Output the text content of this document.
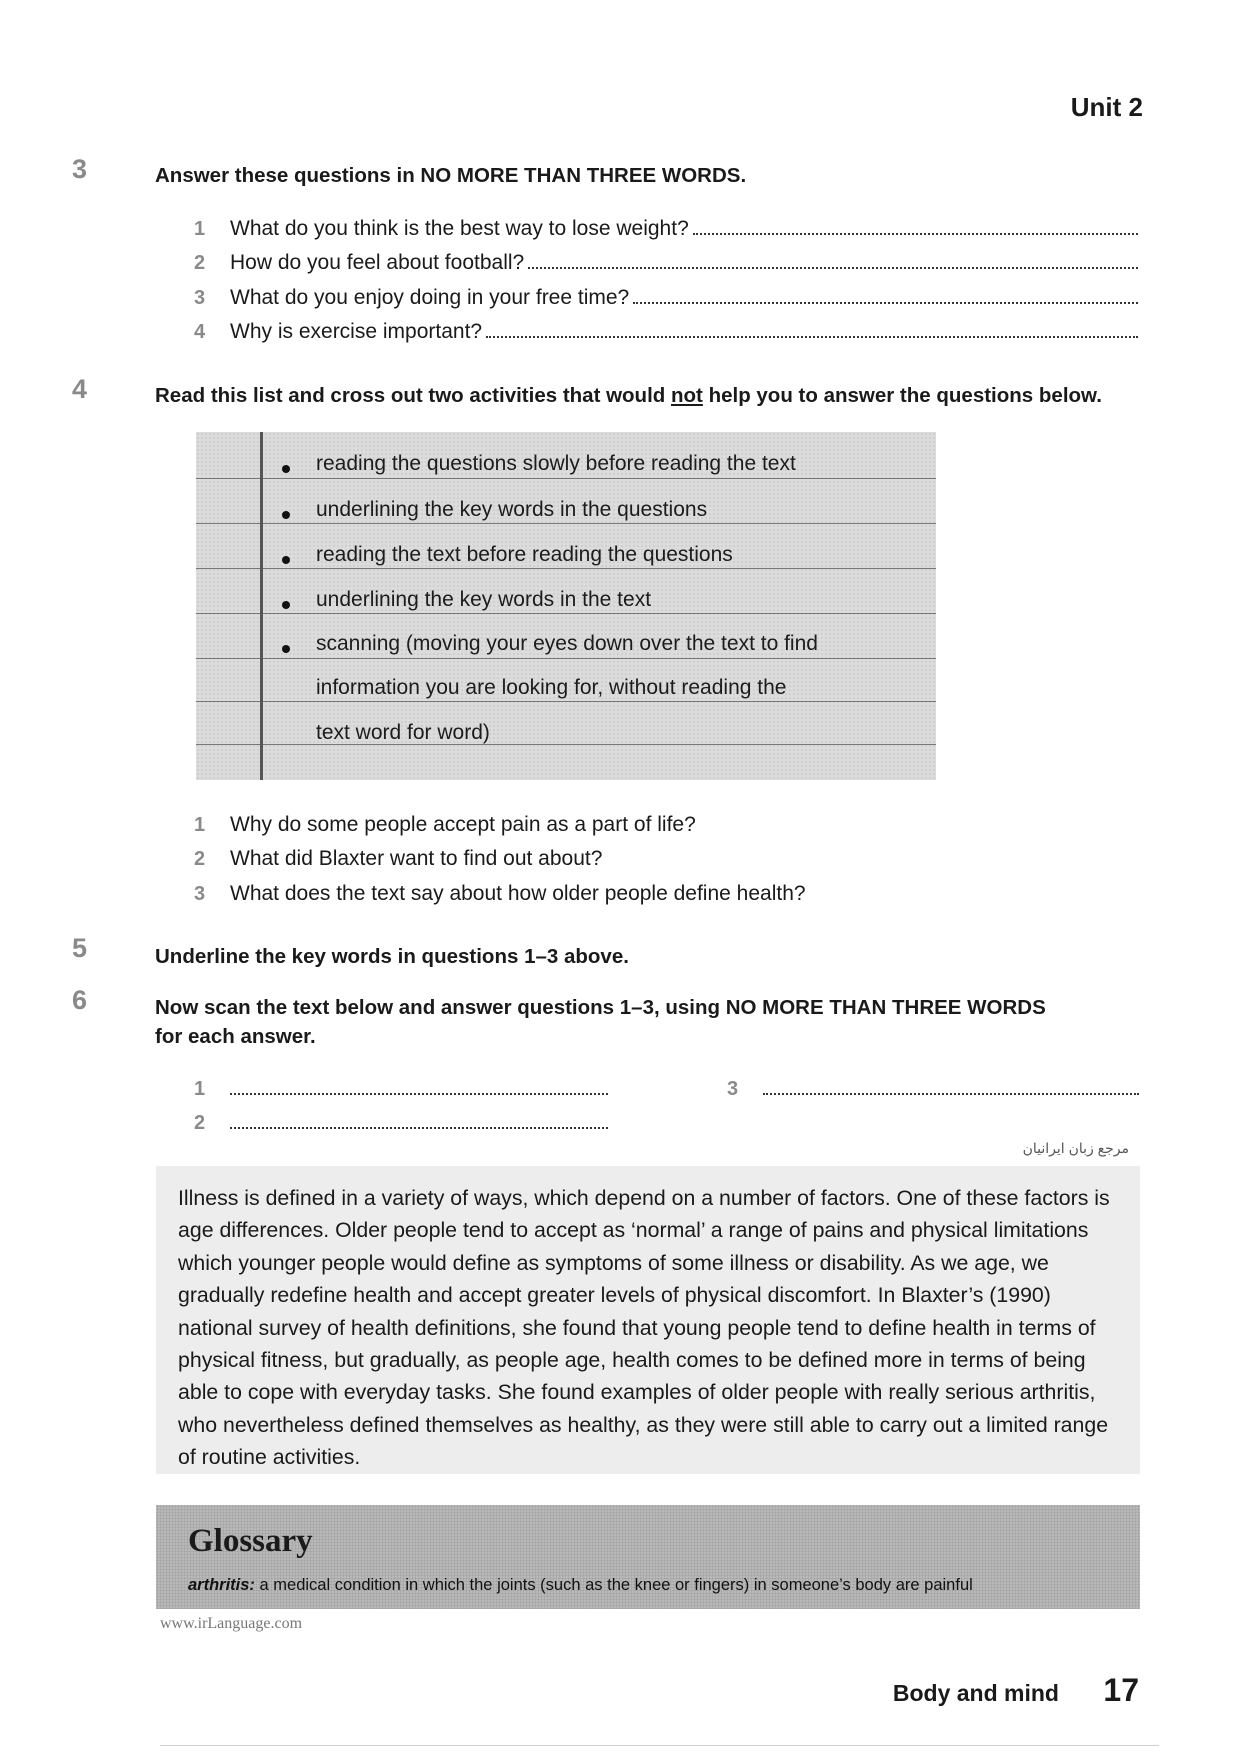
Unit 2
3	Answer these questions in NO MORE THAN THREE WORDS.
1	What do you think is the best way to lose weight?
2	How do you feel about football?
3	What do you enjoy doing in your free time?
4	Why is exercise important?
4	Read this list and cross out two activities that would not help you to answer the questions below.
reading the questions slowly before reading the text
underlining the key words in the questions
reading the text before reading the questions
underlining the key words in the text
scanning (moving your eyes down over the text to find
information you are looking for, without reading the
text word for word)
1	Why do some people accept pain as a part of life?
2	What did Blaxter want to find out about?
3	What does the text say about how older people define health?
5	Underline the key words in questions 1–3 above.
6	Now scan the text below and answer questions 1–3, using NO MORE THAN THREE WORDS
for each answer.
1
2
3
مرجع زبان ایرانیان

Illness is defined in a variety of ways, which depend on a number of factors. One of these factors is age differences. Older people tend to accept as ‘normal’ a range of pains and physical limitations which younger people would define as symptoms of some illness or disability. As we age, we gradually redefine health and accept greater levels of physical discomfort. In Blaxter’s (1990) national survey of health definitions, she found that young people tend to define health in terms of physical fitness, but gradually, as people age, health comes to be defined more in terms of being able to cope with everyday tasks. She found examples of older people with really serious arthritis, who nevertheless defined themselves as healthy, as they were still able to carry out a limited range of routine activities.

Glossary
arthritis: a medical condition in which the joints (such as the knee or fingers) in someone’s body are painful
www.irLanguage.com
Body and mind 17
